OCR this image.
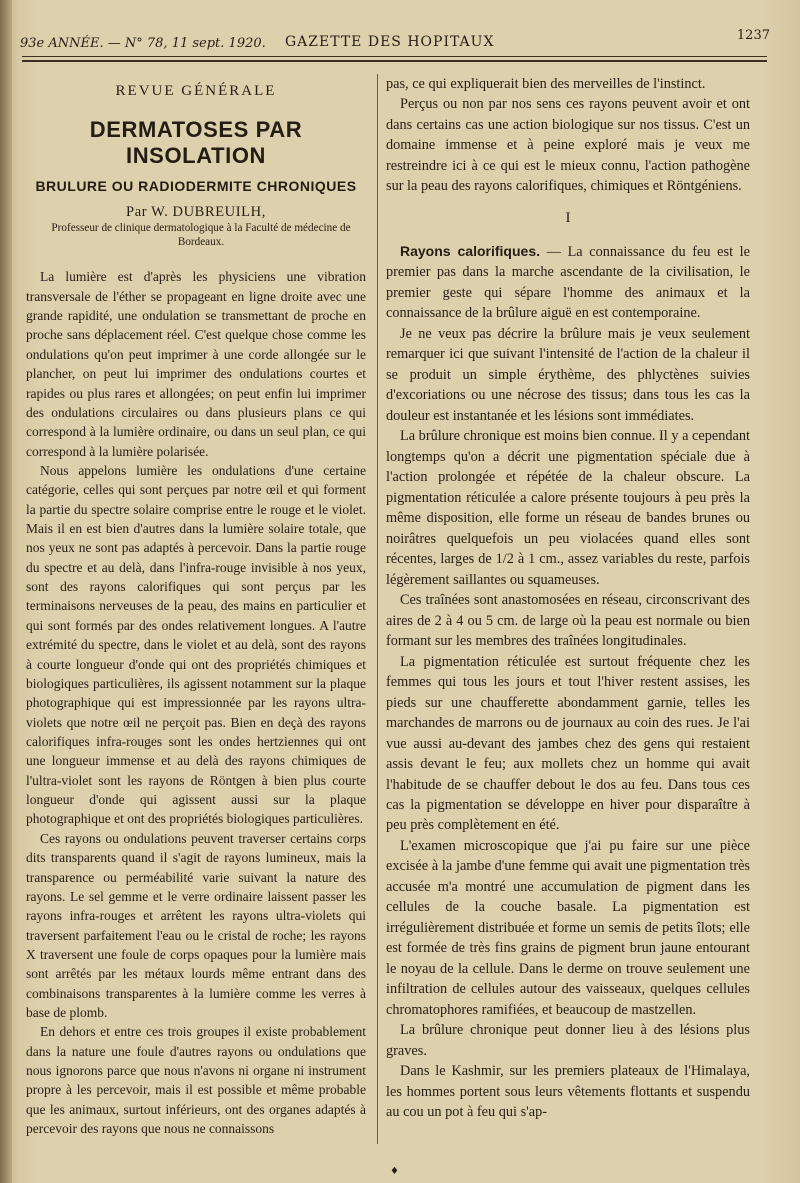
93e ANNÉE. — N° 78, 11 sept. 1920. GAZETTE DES HOPITAUX	1237
REVUE GÉNÉRALE
DERMATOSES PAR INSOLATION
BRULURE OU RADIODERMITE CHRONIQUES
Par W. DUBREUILH,
Professeur de clinique dermatologique à la Faculté de médecine de Bordeaux.

La lumière est d'après les physiciens une vibration transversale de l'éther se propageant en ligne droite avec une grande rapidité, une ondulation se transmettant de proche en proche sans déplacement réel. C'est quelque chose comme les ondulations qu'on peut imprimer à une corde allongée sur le plancher, on peut lui imprimer des ondulations courtes et rapides ou plus rares et allongées; on peut enfin lui imprimer des ondulations circulaires ou dans plusieurs plans ce qui correspond à la lumière ordinaire, ou dans un seul plan, ce qui correspond à la lumière polarisée.

Nous appelons lumière les ondulations d'une certaine catégorie, celles qui sont perçues par notre œil et qui forment la partie du spectre solaire comprise entre le rouge et le violet. Mais il en est bien d'autres dans la lumière solaire totale, que nos yeux ne sont pas adaptés à percevoir. Dans la partie rouge du spectre et au delà, dans l'infra-rouge invisible à nos yeux, sont des rayons calorifiques qui sont perçus par les terminaisons nerveuses de la peau, des mains en particulier et qui sont formés par des ondes relativement longues. A l'autre extrémité du spectre, dans le violet et au delà, sont des rayons à courte longueur d'onde qui ont des propriétés chimiques et biologiques particulières, ils agissent notamment sur la plaque photographique qui est impressionnée par les rayons ultra-violets que notre œil ne perçoit pas. Bien en deçà des rayons calorifiques infra-rouges sont les ondes hertziennes qui ont une longueur immense et au delà des rayons chimiques de l'ultra-violet sont les rayons de Röntgen à bien plus courte longueur d'onde qui agissent aussi sur la plaque photographique et ont des propriétés biologiques particulières.

Ces rayons ou ondulations peuvent traverser certains corps dits transparents quand il s'agit de rayons lumineux, mais la transparence ou perméabilité varie suivant la nature des rayons. Le sel gemme et le verre ordinaire laissent passer les rayons infra-rouges et arrêtent les rayons ultra-violets qui traversent parfaitement l'eau ou le cristal de roche; les rayons X traversent une foule de corps opaques pour la lumière mais sont arrêtés par les métaux lourds même entrant dans des combinaisons transparentes à la lumière comme les verres à base de plomb.

En dehors et entre ces trois groupes il existe probablement dans la nature une foule d'autres rayons ou ondulations que nous ignorons parce que nous n'avons ni organe ni instrument propre à les percevoir, mais il est possible et même probable que les animaux, surtout inférieurs, ont des organes adaptés à percevoir des rayons que nous ne connaissons

pas, ce qui expliquerait bien des merveilles de l'instinct.

Perçus ou non par nos sens ces rayons peuvent avoir et ont dans certains cas une action biologique sur nos tissus. C'est un domaine immense et à peine exploré mais je veux me restreindre ici à ce qui est le mieux connu, l'action pathogène sur la peau des rayons calorifiques, chimiques et Röntgéniens.

I

Rayons calorifiques. — La connaissance du feu est le premier pas dans la marche ascendante de la civilisation, le premier geste qui sépare l'homme des animaux et la connaissance de la brûlure aiguë en est contemporaine.

Je ne veux pas décrire la brûlure mais je veux seulement remarquer ici que suivant l'intensité de l'action de la chaleur il se produit un simple érythème, des phlyctènes suivies d'excoriations ou une nécrose des tissus; dans tous les cas la douleur est instantanée et les lésions sont immédiates.

La brûlure chronique est moins bien connue. Il y a cependant longtemps qu'on a décrit une pigmentation spéciale due à l'action prolongée et répétée de la chaleur obscure. La pigmentation réticulée a calore présente toujours à peu près la même disposition, elle forme un réseau de bandes brunes ou noirâtres quelquefois un peu violacées quand elles sont récentes, larges de 1/2 à 1 cm., assez variables du reste, parfois légèrement saillantes ou squameuses.

Ces traînées sont anastomosées en réseau, circonscrivant des aires de 2 à 4 ou 5 cm. de large où la peau est normale ou bien formant sur les membres des traînées longitudinales.

La pigmentation réticulée est surtout fréquente chez les femmes qui tous les jours et tout l'hiver restent assises, les pieds sur une chaufferette abondamment garnie, telles les marchandes de marrons ou de journaux au coin des rues. Je l'ai vue aussi au-devant des jambes chez des gens qui restaient assis devant le feu; aux mollets chez un homme qui avait l'habitude de se chauffer debout le dos au feu. Dans tous ces cas la pigmentation se développe en hiver pour disparaître à peu près complètement en été.

L'examen microscopique que j'ai pu faire sur une pièce excisée à la jambe d'une femme qui avait une pigmentation très accusée m'a montré une accumulation de pigment dans les cellules de la couche basale. La pigmentation est irrégulièrement distribuée et forme un semis de petits îlots; elle est formée de très fins grains de pigment brun jaune entourant le noyau de la cellule. Dans le derme on trouve seulement une infiltration de cellules autour des vaisseaux, quelques cellules chromatophores ramifiées, et beaucoup de mastzellen.

La brûlure chronique peut donner lieu à des lésions plus graves.

Dans le Kashmir, sur les premiers plateaux de l'Himalaya, les hommes portent sous leurs vêtements flottants et suspendu au cou un pot à feu qui s'ap-

♦
